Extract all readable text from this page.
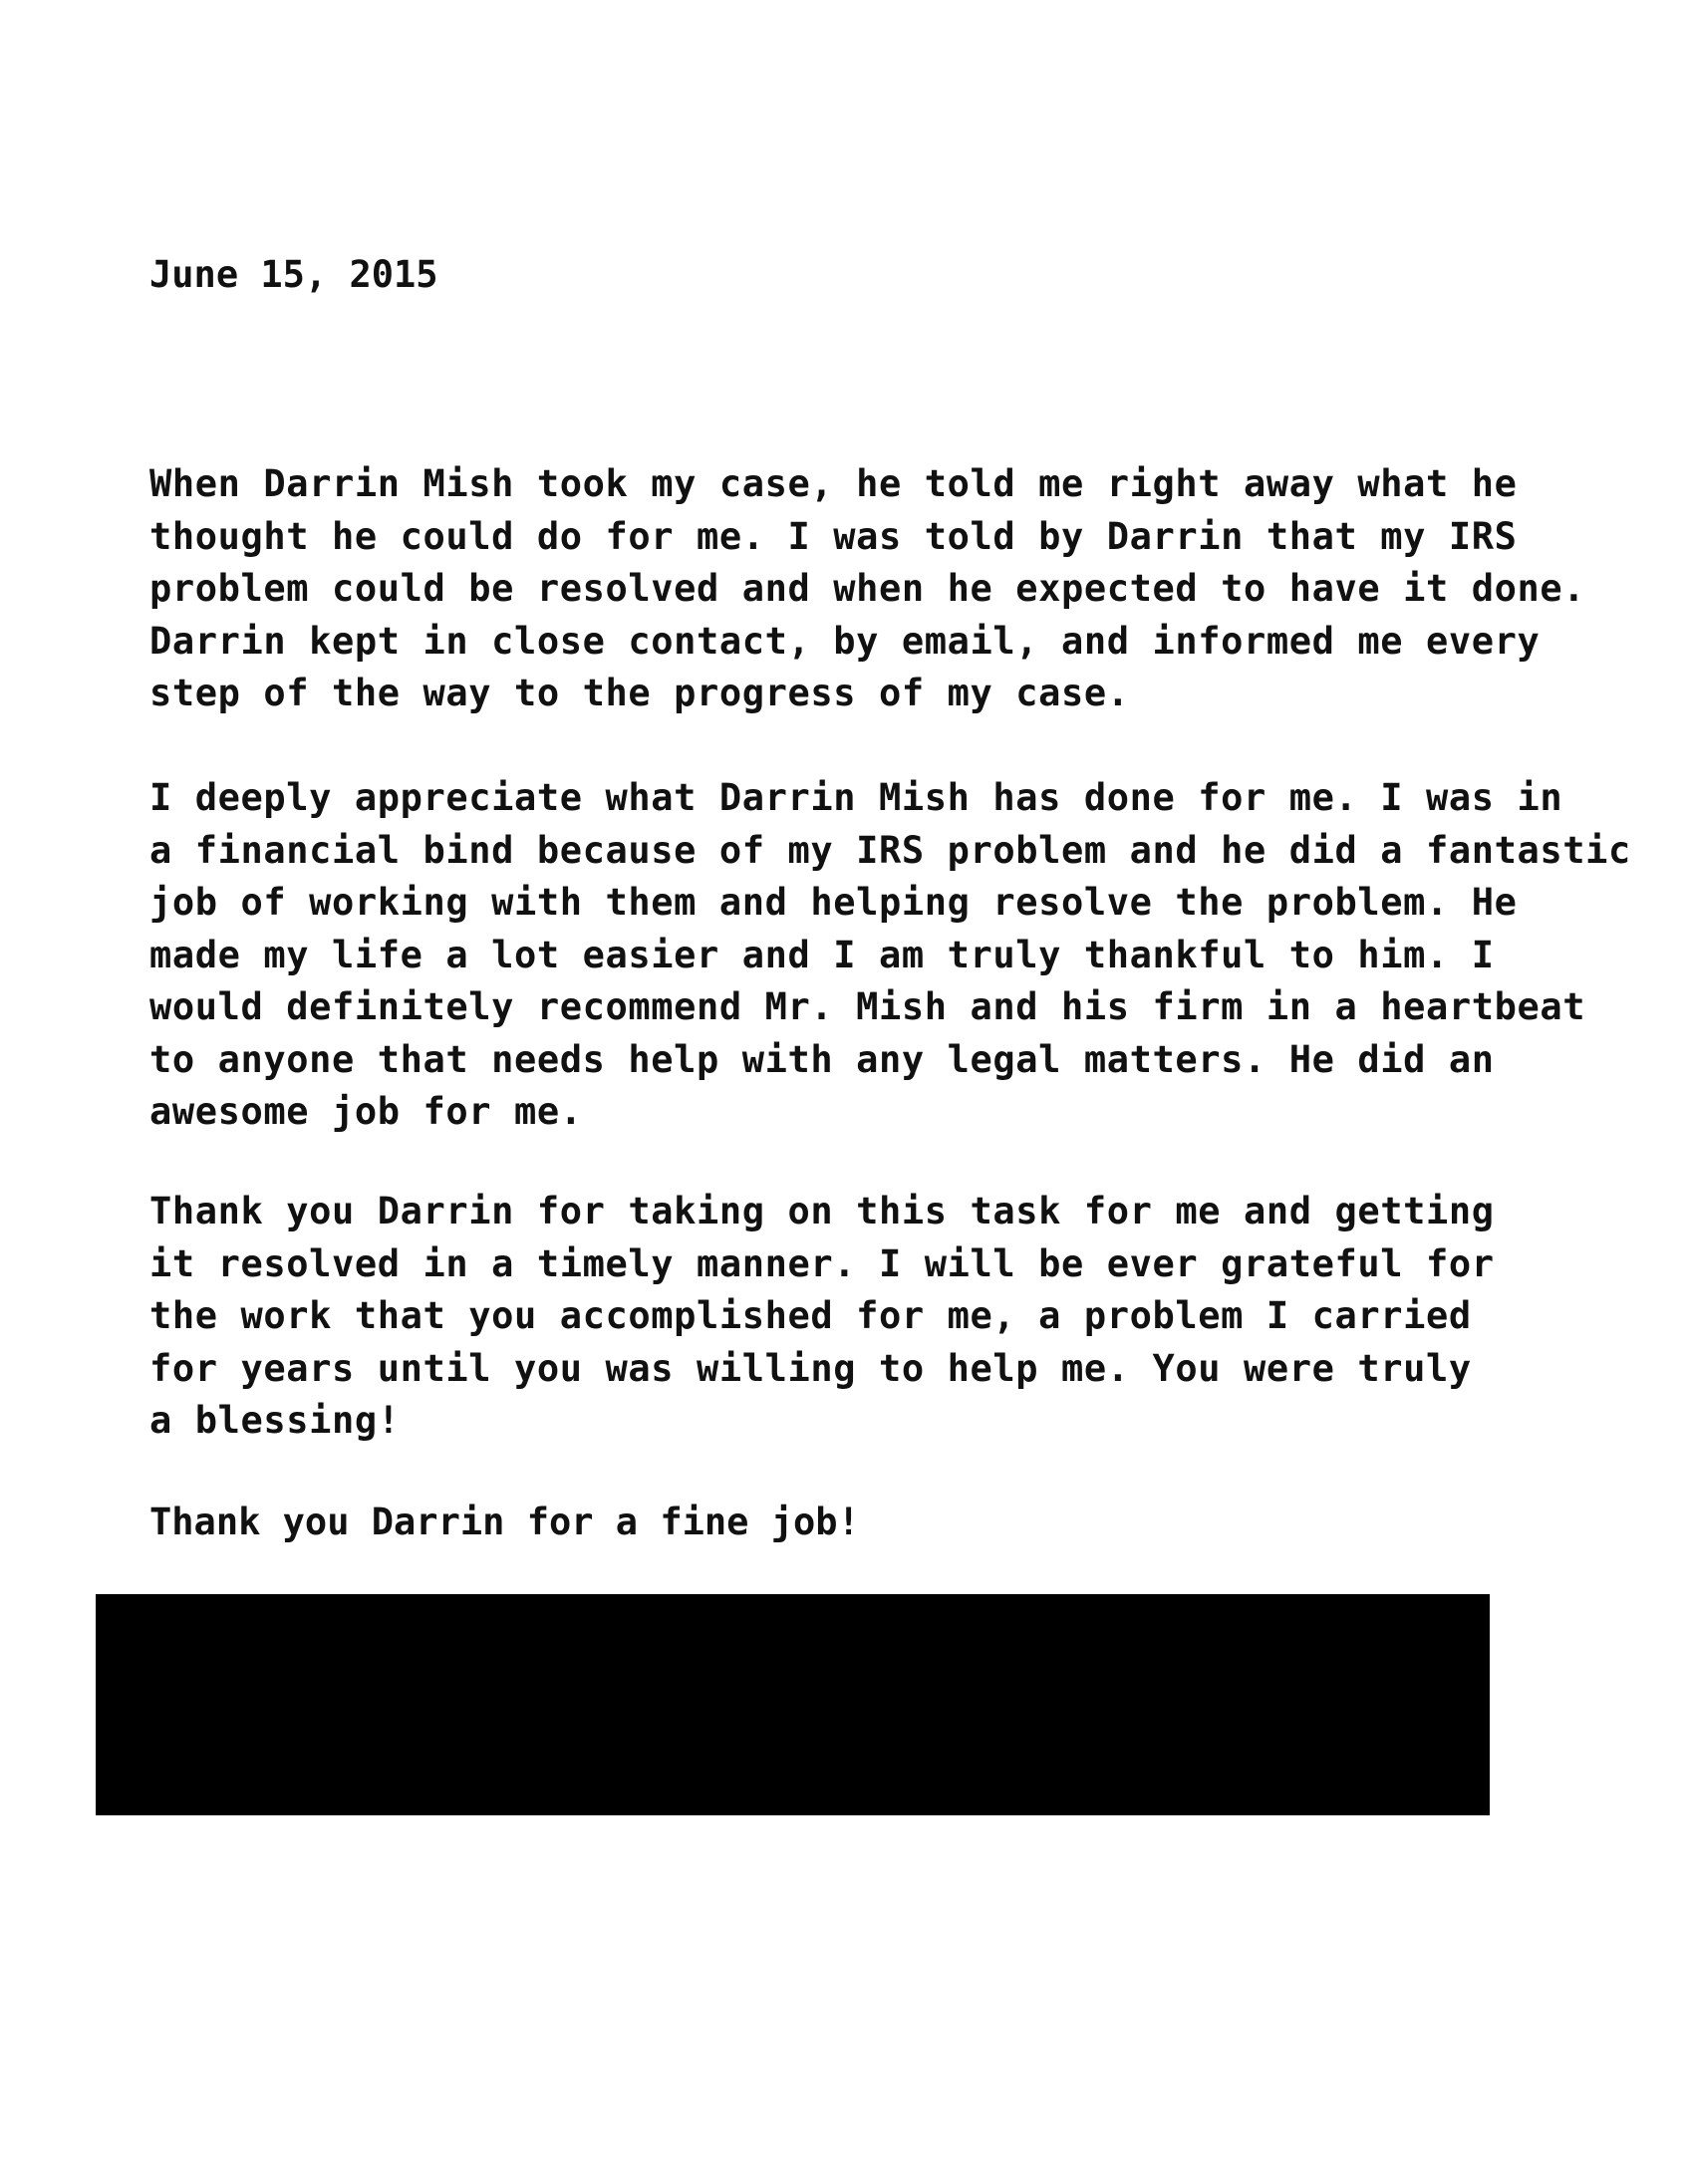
June 15, 2015

When Darrin Mish took my case, he told me right away what he
thought he could do for me. I was told by Darrin that my IRS
problem could be resolved and when he expected to have it done.
Darrin kept in close contact, by email, and informed me every
step of the way to the progress of my case.
I deeply appreciate what Darrin Mish has done for me. I was in
a financial bind because of my IRS problem and he did a fantastic
job of working with them and helping resolve the problem. He
made my life a lot easier and I am truly thankful to him. I
would definitely recommend Mr. Mish and his firm in a heartbeat
to anyone that needs help with any legal matters. He did an
awesome job for me.
Thank you Darrin for taking on this task for me and getting
it resolved in a timely manner. I will be ever grateful for
the work that you accomplished for me, a problem I carried
for years until you was willing to help me. You were truly
a blessing!

Thank you Darrin for a fine job!
